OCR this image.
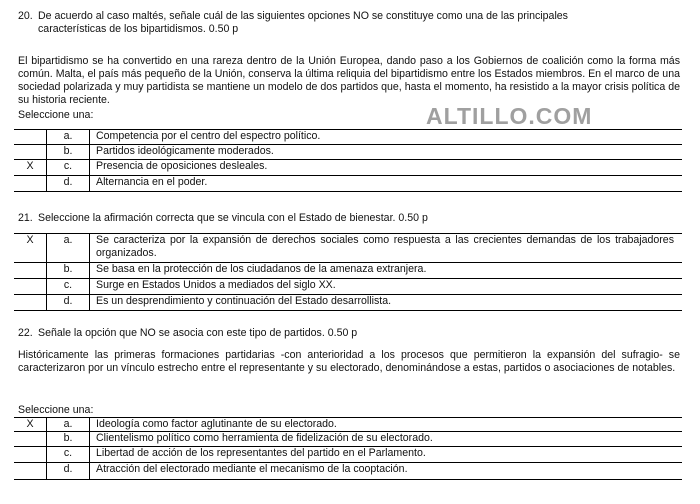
ALTILLO.COM
20. De acuerdo al caso maltés, señale cuál de las siguientes opciones NO se constituye como una de las principales
características de los bipartidismos. 0.50 p
El bipartidismo se ha convertido en una rareza dentro de la Unión Europea, dando paso a los Gobiernos de coalición como la forma más común. Malta, el país más pequeño de la Unión, conserva la última reliquia del bipartidismo entre los Estados miembros. En el marco de una sociedad polarizada y muy partidista se mantiene un modelo de dos partidos que, hasta el momento, ha resistido a la mayor crisis política de su historia reciente.
Seleccione una:
	a.	Competencia por el centro del espectro político.
	b.	Partidos ideológicamente moderados.
X	c.	Presencia de oposiciones desleales.
	d.	Alternancia en el poder.
21. Seleccione la afirmación correcta que se vincula con el Estado de bienestar. 0.50 p
X	a.	Se caracteriza por la expansión de derechos sociales como respuesta a las crecientes demandas de los trabajadores organizados.
	b.	Se basa en la protección de los ciudadanos de la amenaza extranjera.
	c.	Surge en Estados Unidos a mediados del siglo XX.
	d.	Es un desprendimiento y continuación del Estado desarrollista.
22. Señale la opción que NO se asocia con este tipo de partidos. 0.50 p
Históricamente las primeras formaciones partidarias -con anterioridad a los procesos que permitieron la expansión del sufragio- se caracterizaron por un vínculo estrecho entre el representante y su electorado, denominándose a estas, partidos o asociaciones de notables.
Seleccione una:
X	a.	Ideología como factor aglutinante de su electorado.
	b.	Clientelismo político como herramienta de fidelización de su electorado.
	c.	Libertad de acción de los representantes del partido en el Parlamento.
	d.	Atracción del electorado mediante el mecanismo de la cooptación.
